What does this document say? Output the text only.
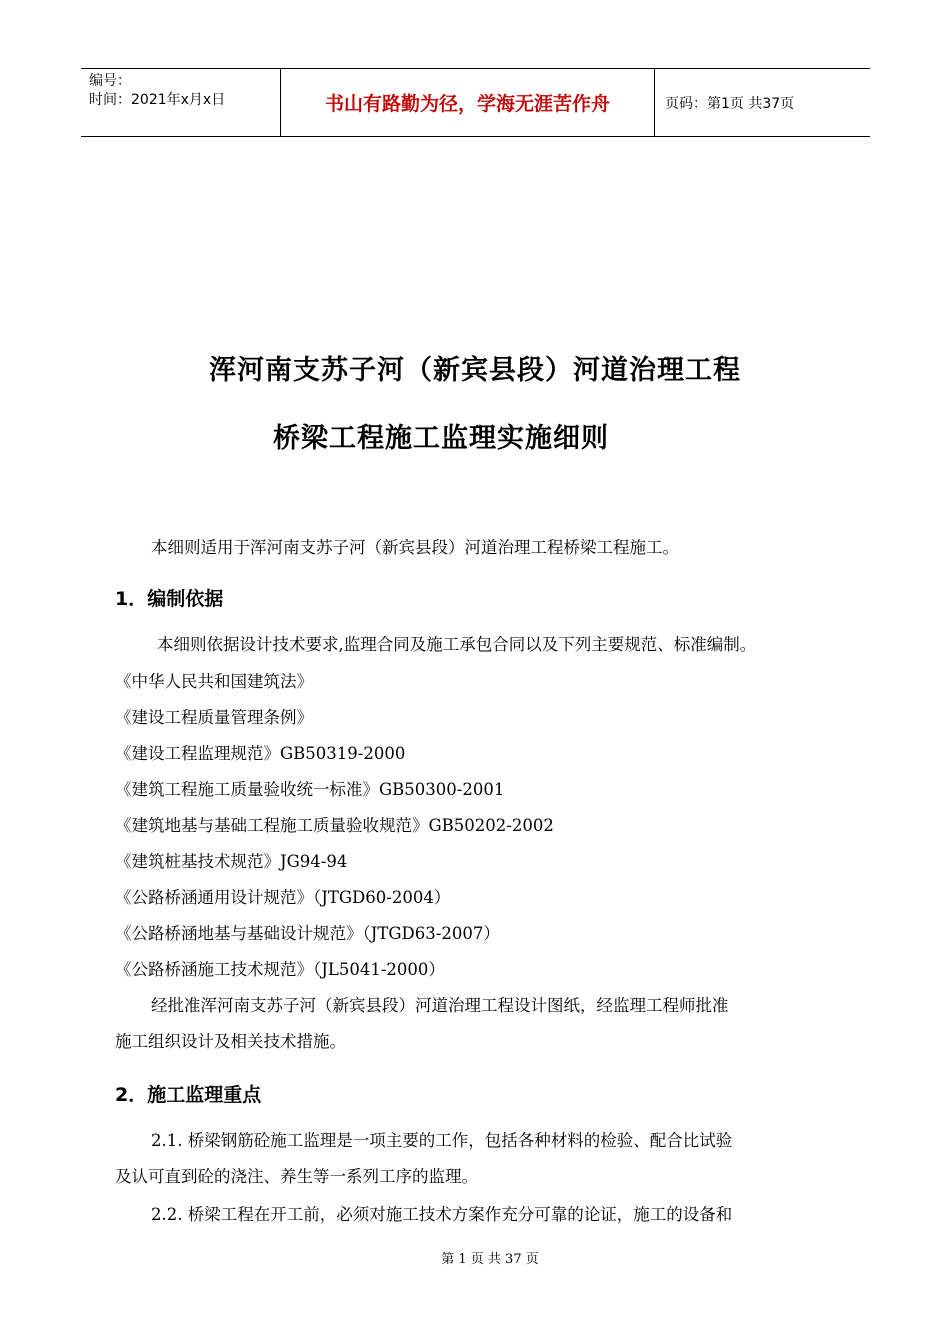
编号：
时间：2021年x月x日	书山有路勤为径，学海无涯苦作舟	页码：第1页 共37页
浑河南支苏子河（新宾县段）河道治理工程
桥梁工程施工监理实施细则
本细则适用于浑河南支苏子河（新宾县段）河道治理工程桥梁工程施工。
1．编制依据
本细则依据设计技术要求,监理合同及施工承包合同以及下列主要规范、标准编制。
《中华人民共和国建筑法》
《建设工程质量管理条例》
《建设工程监理规范》GB50319-2000
《建筑工程施工质量验收统一标准》GB50300-2001
《建筑地基与基础工程施工质量验收规范》GB50202-2002
《建筑桩基技术规范》JG94-94
《公路桥涵通用设计规范》（JTGD60-2004）
《公路桥涵地基与基础设计规范》（JTGD63-2007）
《公路桥涵施工技术规范》（JL5041-2000）
经批准浑河南支苏子河（新宾县段）河道治理工程设计图纸，经监理工程师批准
施工组织设计及相关技术措施。
2．施工监理重点
2.1. 桥梁钢筋砼施工监理是一项主要的工作，包括各种材料的检验、配合比试验
及认可直到砼的浇注、养生等一系列工序的监理。
2.2. 桥梁工程在开工前，必须对施工技术方案作充分可靠的论证，施工的设备和
第 1 页 共 37 页
